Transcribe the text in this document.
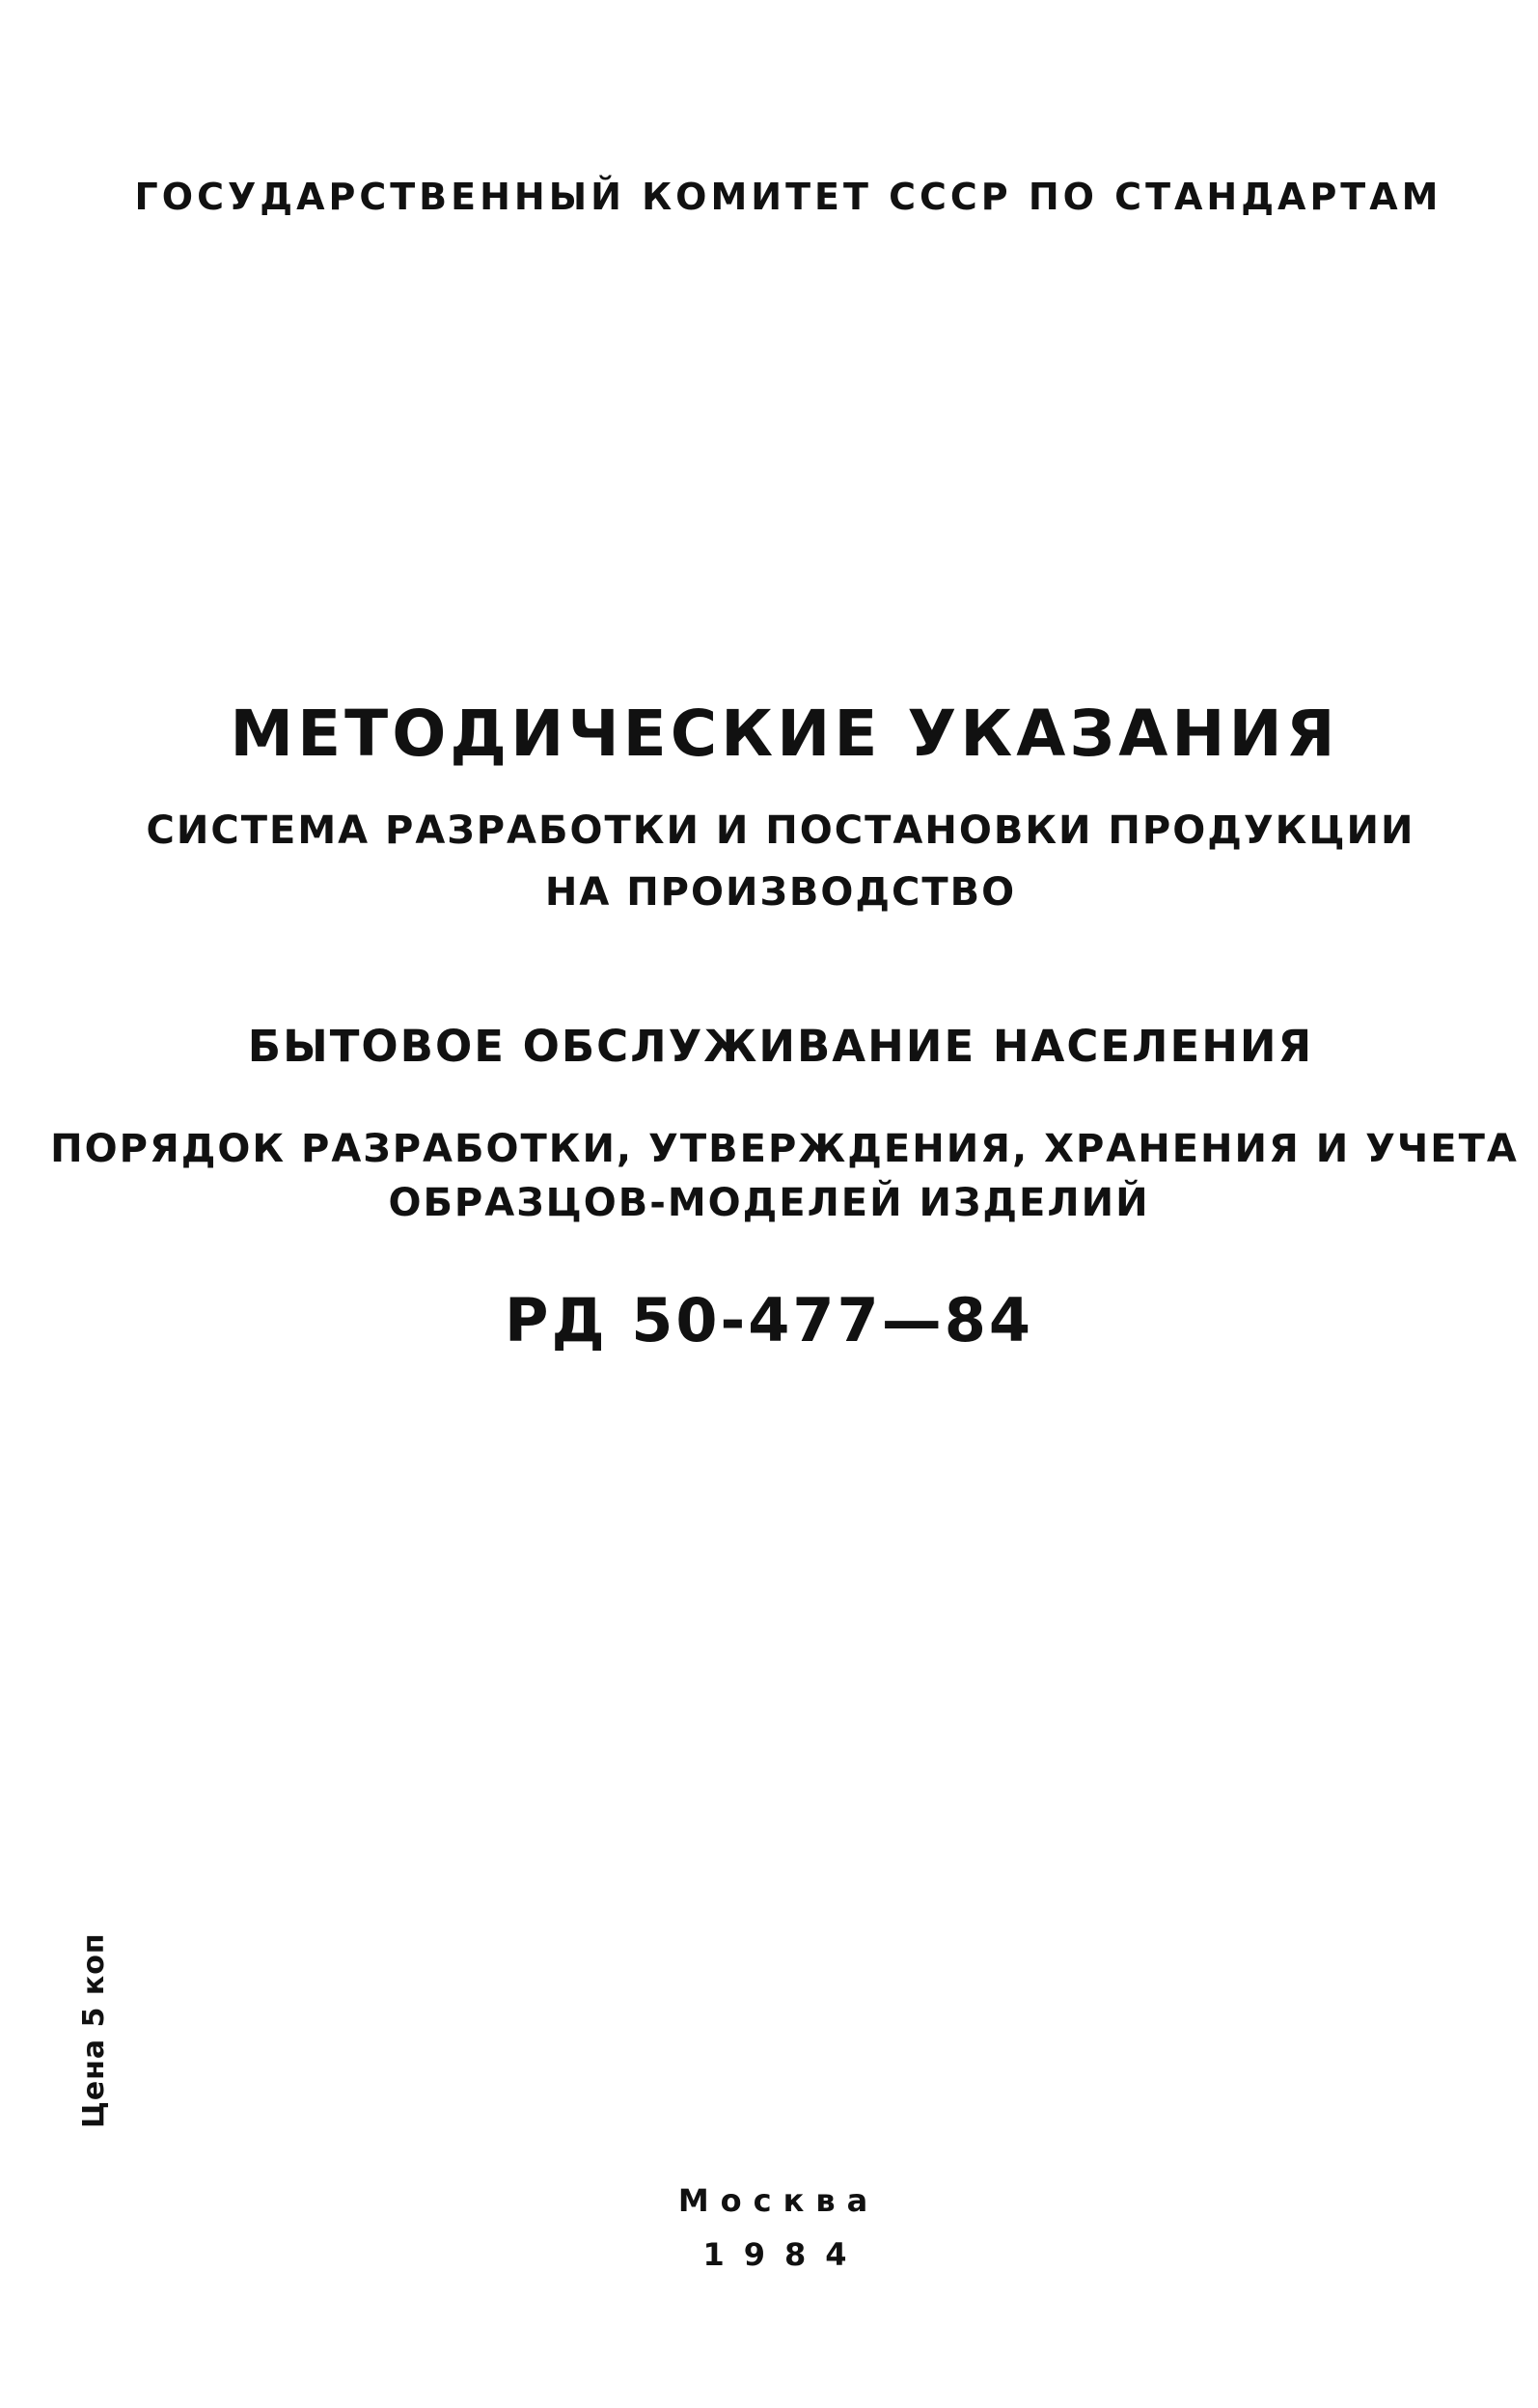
ГОСУДАРСТВЕННЫЙ КОМИТЕТ СССР ПО СТАНДАРТАМ
МЕТОДИЧЕСКИЕ УКАЗАНИЯ
СИСТЕМА РАЗРАБОТКИ И ПОСТАНОВКИ ПРОДУКЦИИ
НА ПРОИЗВОДСТВО
БЫТОВОЕ ОБСЛУЖИВАНИЕ НАСЕЛЕНИЯ
ПОРЯДОК РАЗРАБОТКИ, УТВЕРЖДЕНИЯ, ХРАНЕНИЯ И УЧЕТА
ОБРАЗЦОВ-МОДЕЛЕЙ ИЗДЕЛИЙ
РД 50-477—84
Цена 5 коп
Москва
1984
